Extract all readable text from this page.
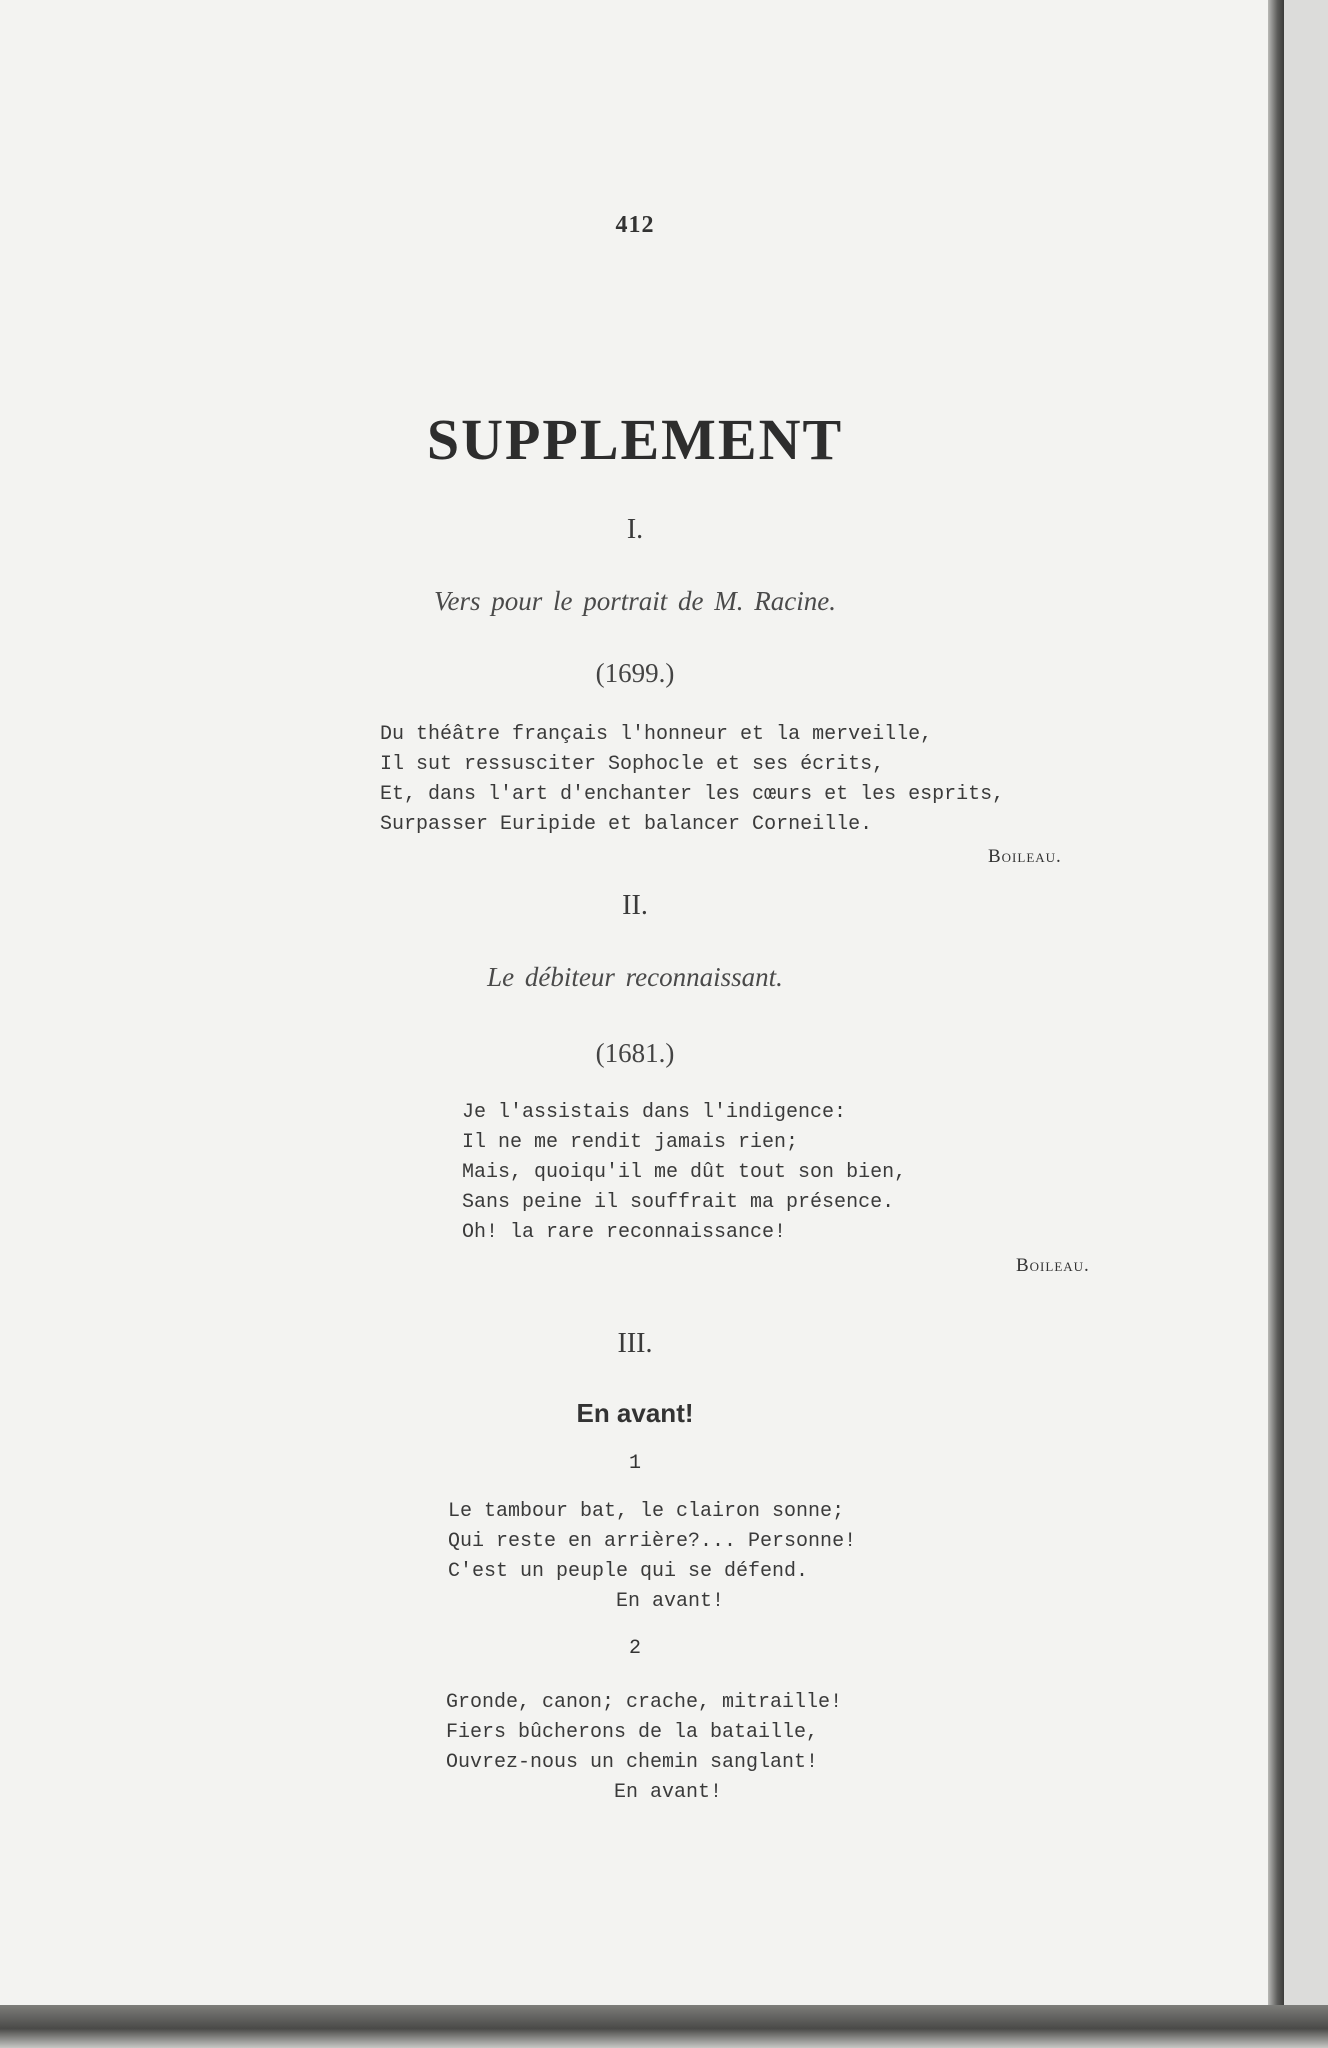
412
SUPPLEMENT
I.
Vers pour le portrait de M. Racine.
(1699.)
Du théâtre français l'honneur et la merveille,
Il sut ressusciter Sophocle et ses écrits,
Et, dans l'art d'enchanter les cœurs et les esprits,
Surpasser Euripide et balancer Corneille.
Boileau.
II.
Le débiteur reconnaissant.
(1681.)
Je l'assistais dans l'indigence:
Il ne me rendit jamais rien;
Mais, quoiqu'il me dût tout son bien,
Sans peine il souffrait ma présence.
Oh! la rare reconnaissance!
Boileau.
III.
En avant!
1
Le tambour bat, le clairon sonne;
Qui reste en arrière?... Personne!
C'est un peuple qui se défend.
En avant!
2
Gronde, canon; crache, mitraille!
Fiers bûcherons de la bataille,
Ouvrez-nous un chemin sanglant!
En avant!
